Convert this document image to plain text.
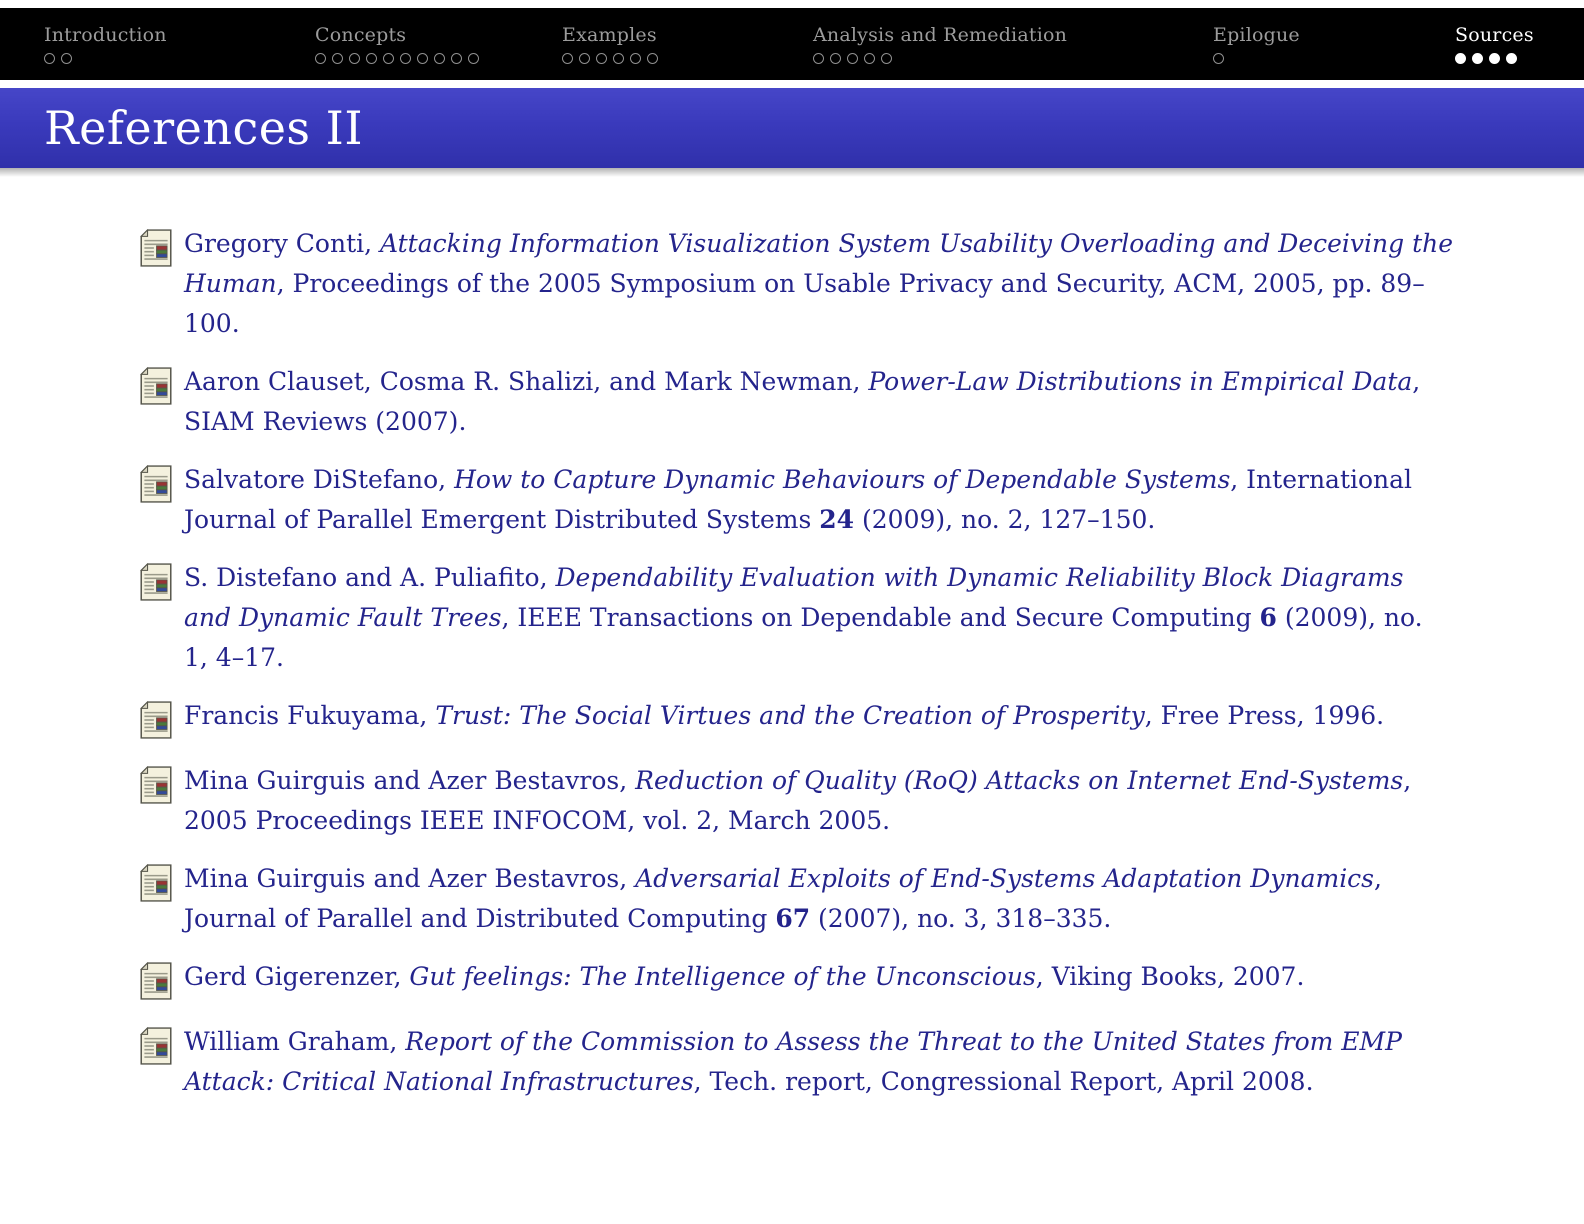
Introduction	Concepts	Examples	Analysis and Remediation	Epilogue	Sources
References II

Gregory Conti, Attacking Information Visualization System Usability Overloading and Deceiving the Human, Proceedings of the 2005 Symposium on Usable Privacy and Security, ACM, 2005, pp. 89–100.

Aaron Clauset, Cosma R. Shalizi, and Mark Newman, Power-Law Distributions in Empirical Data, SIAM Reviews (2007).

Salvatore DiStefano, How to Capture Dynamic Behaviours of Dependable Systems, International Journal of Parallel Emergent Distributed Systems 24 (2009), no. 2, 127–150.

S. Distefano and A. Puliafito, Dependability Evaluation with Dynamic Reliability Block Diagrams and Dynamic Fault Trees, IEEE Transactions on Dependable and Secure Computing 6 (2009), no. 1, 4–17.

Francis Fukuyama, Trust: The Social Virtues and the Creation of Prosperity, Free Press, 1996.

Mina Guirguis and Azer Bestavros, Reduction of Quality (RoQ) Attacks on Internet End-Systems, 2005 Proceedings IEEE INFOCOM, vol. 2, March 2005.

Mina Guirguis and Azer Bestavros, Adversarial Exploits of End-Systems Adaptation Dynamics, Journal of Parallel and Distributed Computing 67 (2007), no. 3, 318–335.

Gerd Gigerenzer, Gut feelings: The Intelligence of the Unconscious, Viking Books, 2007.

William Graham, Report of the Commission to Assess the Threat to the United States from EMP Attack: Critical National Infrastructures, Tech. report, Congressional Report, April 2008.
